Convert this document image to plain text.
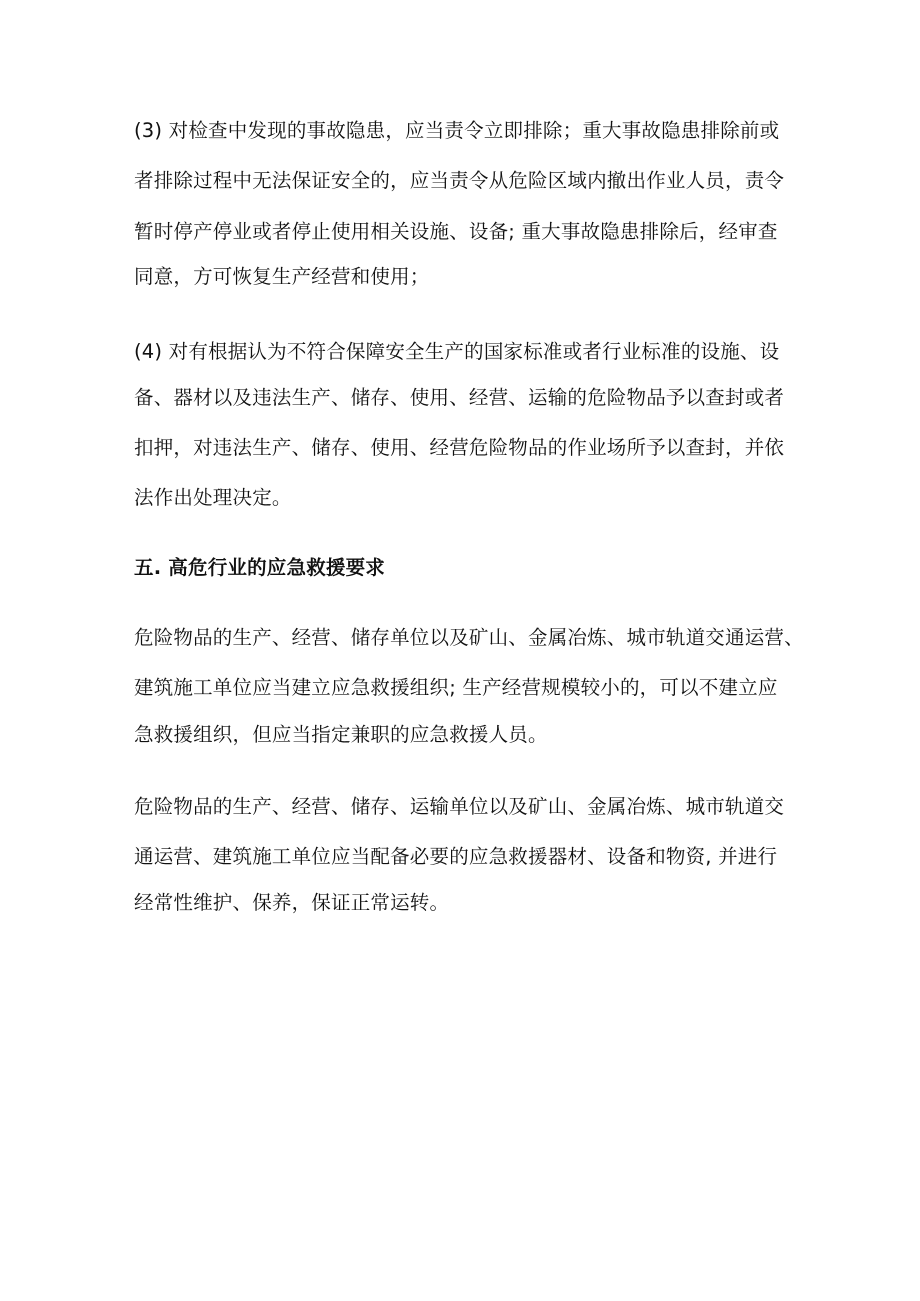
(3) 对检查中发现的事故隐患，应当责令立即排除；重大事故隐患排除前或
者排除过程中无法保证安全的，应当责令从危险区域内撤出作业人员，责令
暂时停产停业或者停止使用相关设施、设备; 重大事故隐患排除后，经审查
同意，方可恢复生产经营和使用；
(4) 对有根据认为不符合保障安全生产的国家标准或者行业标准的设施、设
备、器材以及违法生产、储存、使用、经营、运输的危险物品予以查封或者
扣押，对违法生产、储存、使用、经营危险物品的作业场所予以查封，并依
法作出处理决定。
五. 高危行业的应急救援要求
危险物品的生产、经营、储存单位以及矿山、金属冶炼、城市轨道交通运营、
建筑施工单位应当建立应急救援组织; 生产经营规模较小的，可以不建立应
急救援组织，但应当指定兼职的应急救援人员。
危险物品的生产、经营、储存、运输单位以及矿山、金属冶炼、城市轨道交
通运营、建筑施工单位应当配备必要的应急救援器材、设备和物资, 并进行
经常性维护、保养，保证正常运转。
